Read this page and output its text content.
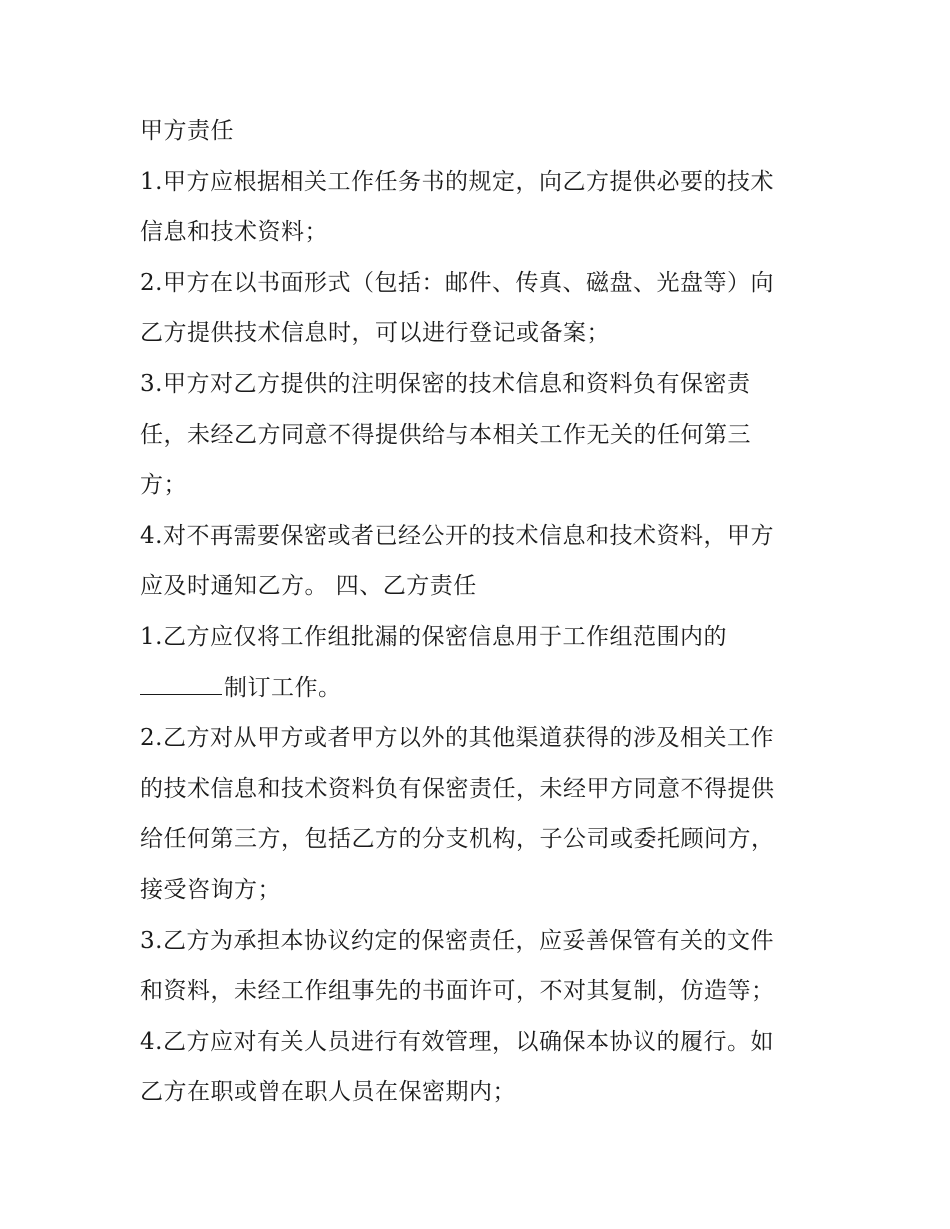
甲方责任
1.甲方应根据相关工作任务书的规定，向乙方提供必要的技术
信息和技术资料；
2.甲方在以书面形式（包括：邮件、传真、磁盘、光盘等）向
乙方提供技术信息时，可以进行登记或备案；
3.甲方对乙方提供的注明保密的技术信息和资料负有保密责
任，未经乙方同意不得提供给与本相关工作无关的任何第三
方；
4.对不再需要保密或者已经公开的技术信息和技术资料，甲方
应及时通知乙方。 四、乙方责任
1.乙方应仅将工作组批漏的保密信息用于工作组范围内的
制订工作。
2.乙方对从甲方或者甲方以外的其他渠道获得的涉及相关工作
的技术信息和技术资料负有保密责任，未经甲方同意不得提供
给任何第三方，包括乙方的分支机构，子公司或委托顾问方，
接受咨询方；
3.乙方为承担本协议约定的保密责任，应妥善保管有关的文件
和资料，未经工作组事先的书面许可，不对其复制，仿造等；
4.乙方应对有关人员进行有效管理，以确保本协议的履行。如
乙方在职或曾在职人员在保密期内；
